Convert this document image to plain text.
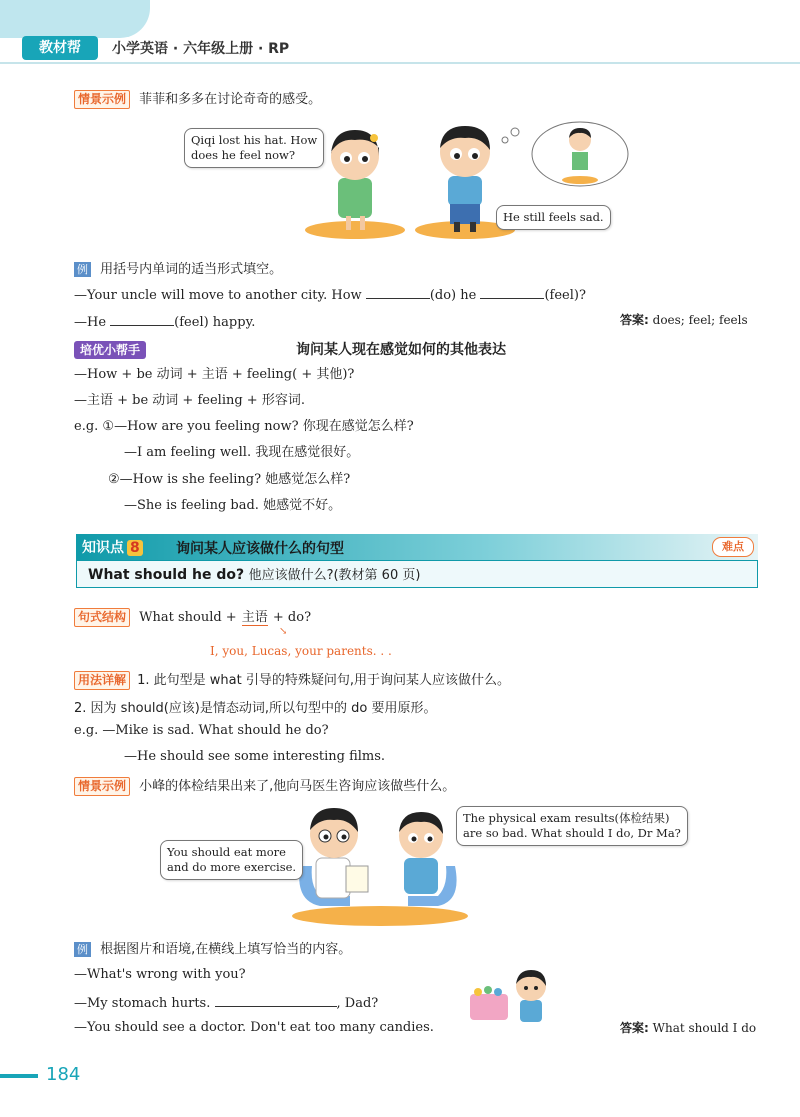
教材帮	小学英语 · 六年级上册 · RP
情景示例 菲菲和多多在讨论奇奇的感受。
Qiqi lost his hat. How
does he feel now?
He still feels sad.
例 用括号内单词的适当形式填空。
—Your uncle will move to another city. How	(do) he	(feel)?
—He	(feel) happy.	答案: does; feel; feels
培优小帮手	询问某人现在感觉如何的其他表达
—How + be 动词 + 主语 + feeling( + 其他)?
—主语 + be 动词 + feeling + 形容词.
e.g. ①—How are you feeling now? 你现在感觉怎么样?
—I am feeling well. 我现在感觉很好。
②—How is she feeling? 她感觉怎么样?
—She is feeling bad. 她感觉不好。
知识点 8	询问某人应该做什么的句型	难点
What should he do? 他应该做什么?(教材第 60 页)
句式结构 What should + 主语 + do?
↘
I, you, Lucas, your parents. . .
用法详解 1. 此句型是 what 引导的特殊疑问句,用于询问某人应该做什么。
2. 因为 should(应该)是情态动词,所以句型中的 do 要用原形。
e.g. —Mike is sad. What should he do?
—He should see some interesting films.
情景示例 小峰的体检结果出来了,他向马医生咨询应该做些什么。
You should eat more
and do more exercise.
The physical exam results(体检结果)
are so bad. What should I do, Dr Ma?
例 根据图片和语境,在横线上填写恰当的内容。
—What's wrong with you?
—My stomach hurts.	, Dad?
—You should see a doctor. Don't eat too many candies.	答案: What should I do
184
